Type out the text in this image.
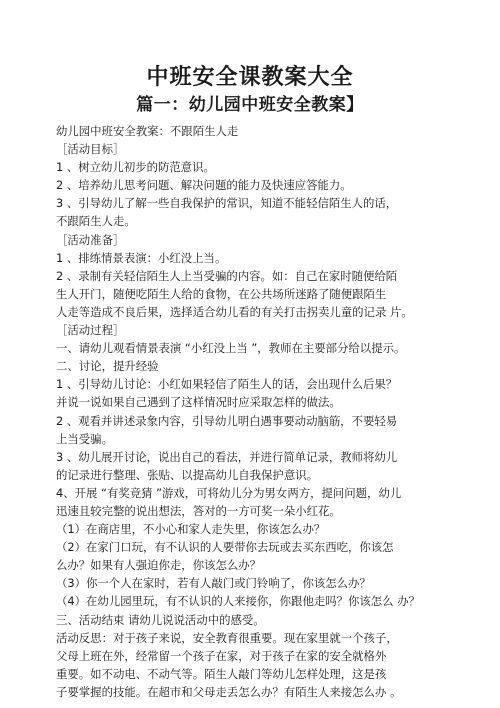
中班安全课教案大全
篇一：幼儿园中班安全教案】
幼儿园中班安全教案：不跟陌生人走
［活动目标］
1 、树立幼儿初步的防范意识。
2 、培养幼儿思考问题、解决问题的能力及快速应答能力。
3 、引导幼儿了解一些自我保护的常识，知道不能轻信陌生人的话，
不跟陌生人走。
［活动准备］
1 、排练情景表演：小红没上当。
2 、录制有关轻信陌生人上当受骗的内容。如：自己在家时随便给陌
生人开门，随便吃陌生人给的食物，在公共场所迷路了随便跟陌生
人走等造成不良后果，选择适合幼儿看的有关打击拐卖儿童的记录 片。
［活动过程］
一、请幼儿观看情景表演 “小红没上当 ”，教师在主要部分给以提示。
二、讨论，提升经验
1 、引导幼儿讨论：小红如果轻信了陌生人的话，会出现什么后果？
并说一说如果自己遇到了这样情况时应采取怎样的做法。
2 、观看并讲述录象内容，引导幼儿明白遇事要动动脑筋，不要轻易
上当受骗。
3 、幼儿展开讨论，说出自己的看法，并进行简单记录，教师将幼儿
的记录进行整理、张贴、以提高幼儿自我保护意识。
4、开展 “有奖竞猜 ”游戏，可将幼儿分为男女两方，提问问题，幼儿
迅速且较完整的说出想法，答对的一方可奖一朵小红花。
（1）在商店里，不小心和家人走失里，你该怎么办？
（2）在家门口玩，有不认识的人要带你去玩或去买东西吃，你该怎
么办？如果有人强迫你走，你该怎么办？
（3）你一个人在家时，若有人敲门或门铃响了，你该怎么办？
（4）在幼儿园里玩，有不认识的人来接你，你跟他走吗？你该怎么 办？
三、活动结束 请幼儿说说活动中的感受。
活动反思：对于孩子来说，安全教育很重要。现在家里就一个孩子，
父母上班在外，经常留一个孩子在家，对于孩子在家的安全就格外
重要。如不动电、不动气等。陌生人敲门等幼儿怎样处理，这是孩
子要掌握的技能。在超市和父母走丢怎么办？有陌生人来接怎么办 。
